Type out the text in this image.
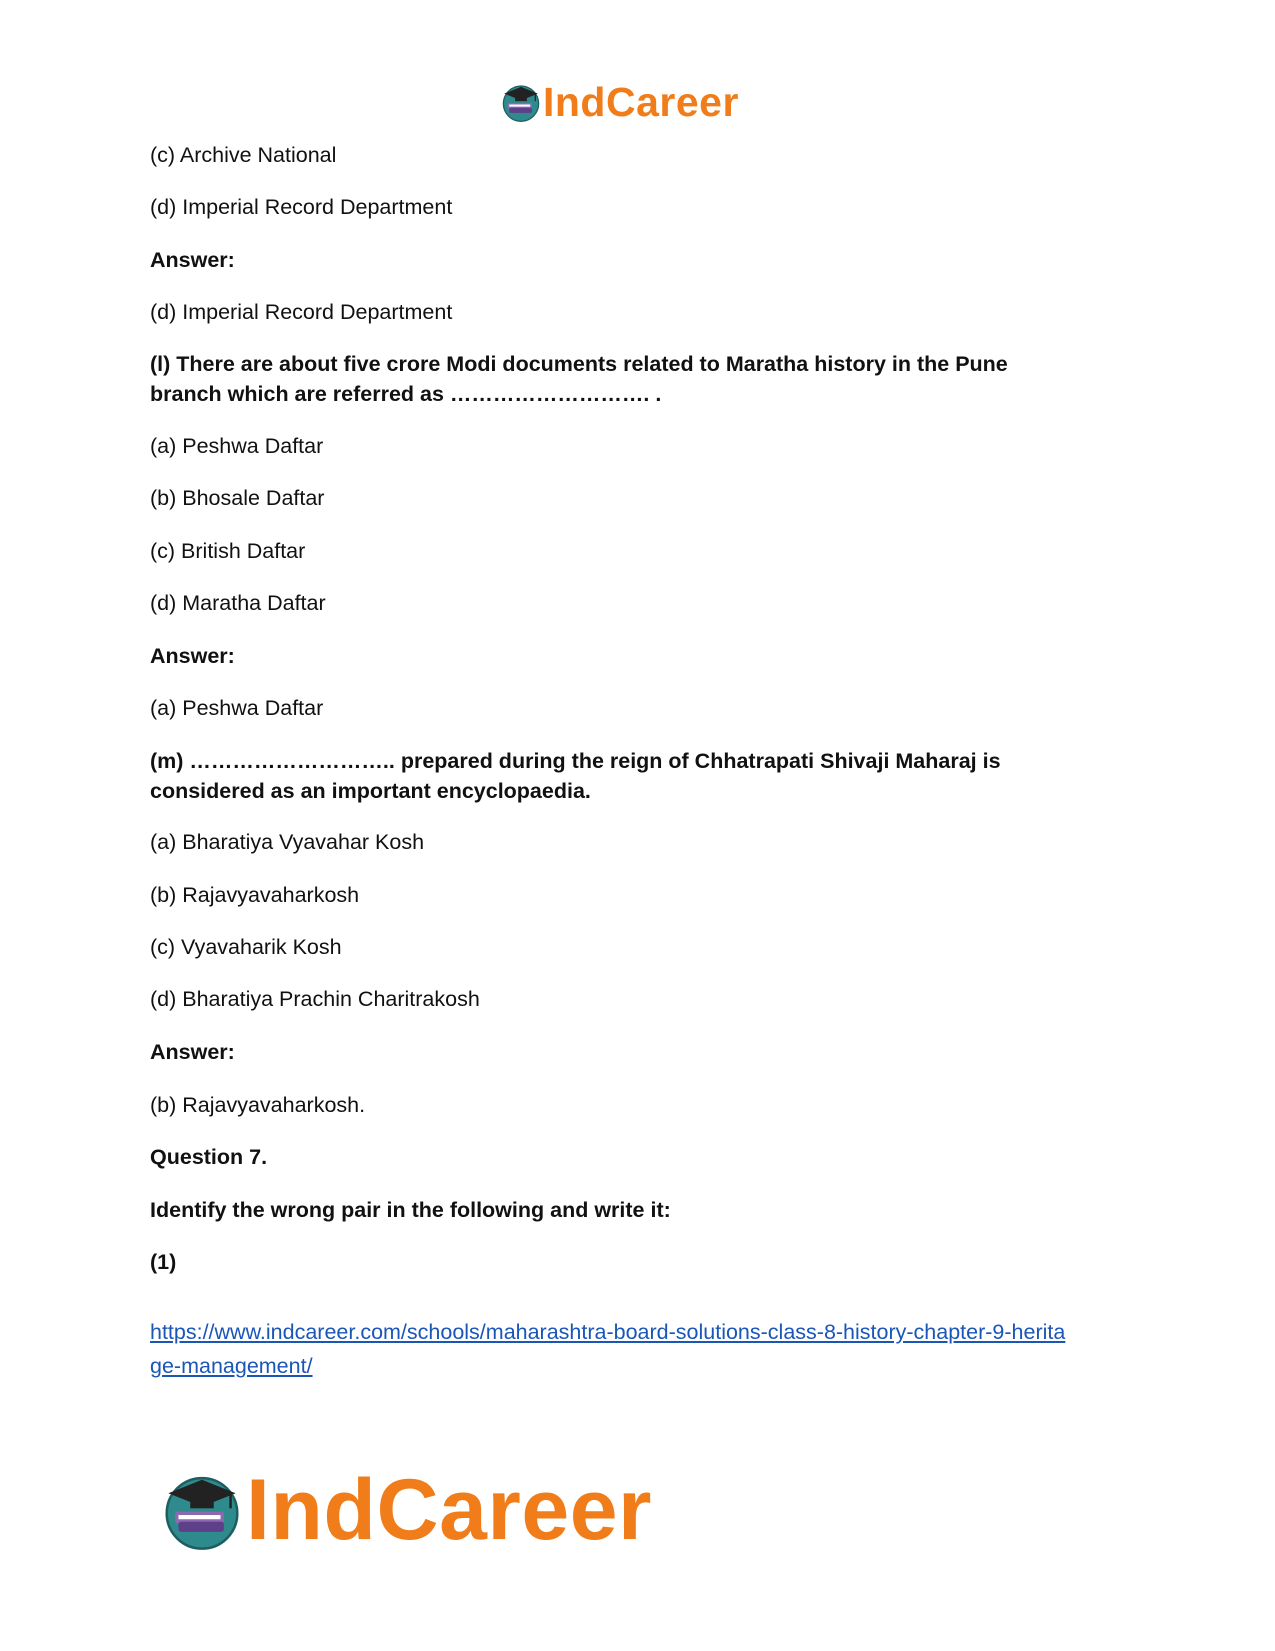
IndCareer
(c) Archive National
(d) Imperial Record Department
Answer:
(d) Imperial Record Department
(l) There are about five crore Modi documents related to Maratha history in the Pune
branch which are referred as ………………………. .
(a) Peshwa Daftar
(b) Bhosale Daftar
(c) British Daftar
(d) Maratha Daftar
Answer:
(a) Peshwa Daftar
(m) ……………………….. prepared during the reign of Chhatrapati Shivaji Maharaj is
considered as an important encyclopaedia.
(a) Bharatiya Vyavahar Kosh
(b) Rajavyavaharkosh
(c) Vyavaharik Kosh
(d) Bharatiya Prachin Charitrakosh
Answer:
(b) Rajavyavaharkosh.
Question 7.
Identify the wrong pair in the following and write it:
(1)
https://www.indcareer.com/schools/maharashtra-board-solutions-class-8-history-chapter-9-herita
ge-management/
IndCareer
